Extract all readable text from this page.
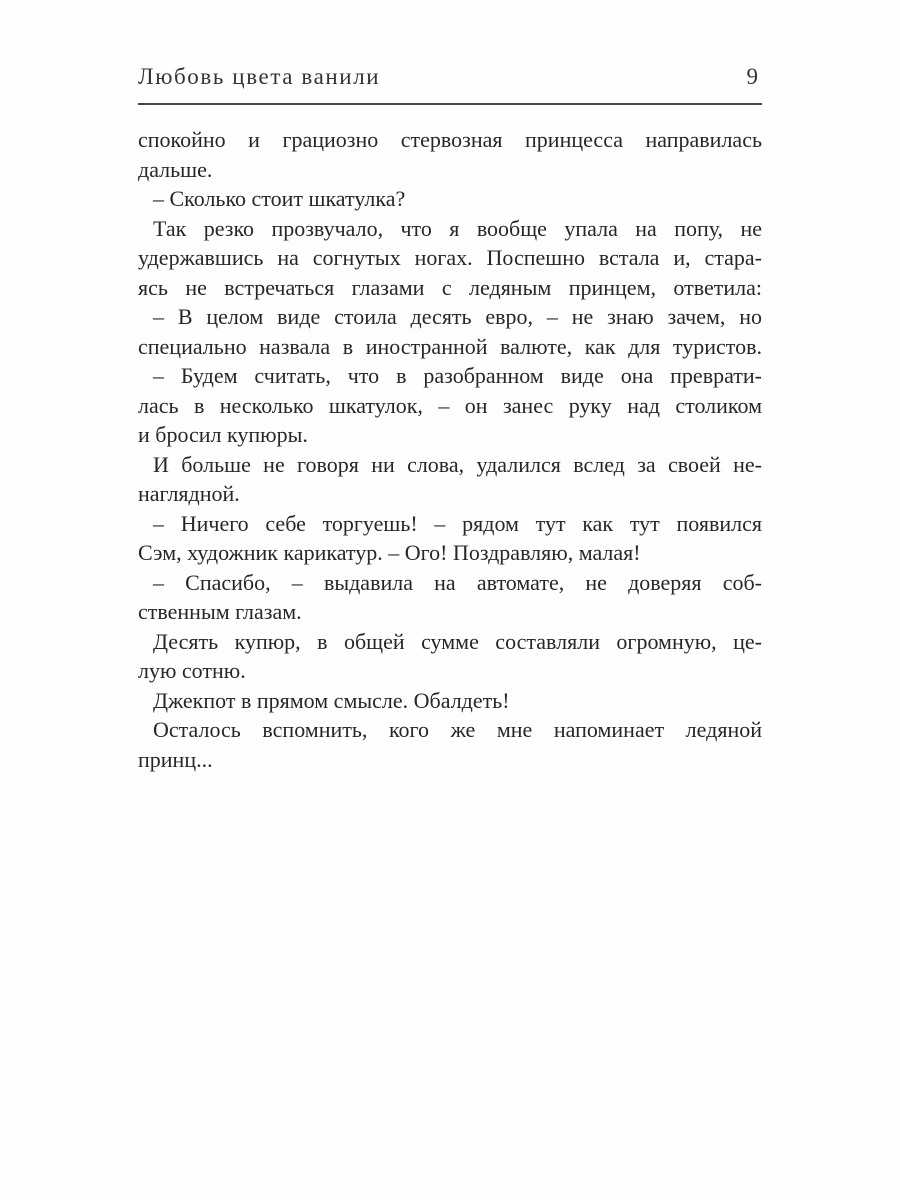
Любовь цвета ванили	9
спокойно и грациозно стервозная принцесса направилась
дальше.
– Сколько стоит шкатулка?
Так резко прозвучало, что я вообще упала на попу, не
удержавшись на согнутых ногах. Поспешно встала и, стара-
ясь не встречаться глазами с ледяным принцем, ответила:
– В целом виде стоила десять евро, – не знаю зачем, но
специально назвала в иностранной валюте, как для туристов.
– Будем считать, что в разобранном виде она преврати-
лась в несколько шкатулок, – он занес руку над столиком
и бросил купюры.
И больше не говоря ни слова, удалился вслед за своей не-
наглядной.
– Ничего себе торгуешь! – рядом тут как тут появился
Сэм, художник карикатур. – Ого! Поздравляю, малая!
– Спасибо, – выдавила на автомате, не доверяя соб-
ственным глазам.
Десять купюр, в общей сумме составляли огромную, це-
лую сотню.
Джекпот в прямом смысле. Обалдеть!
Осталось вспомнить, кого же мне напоминает ледяной
принц...
